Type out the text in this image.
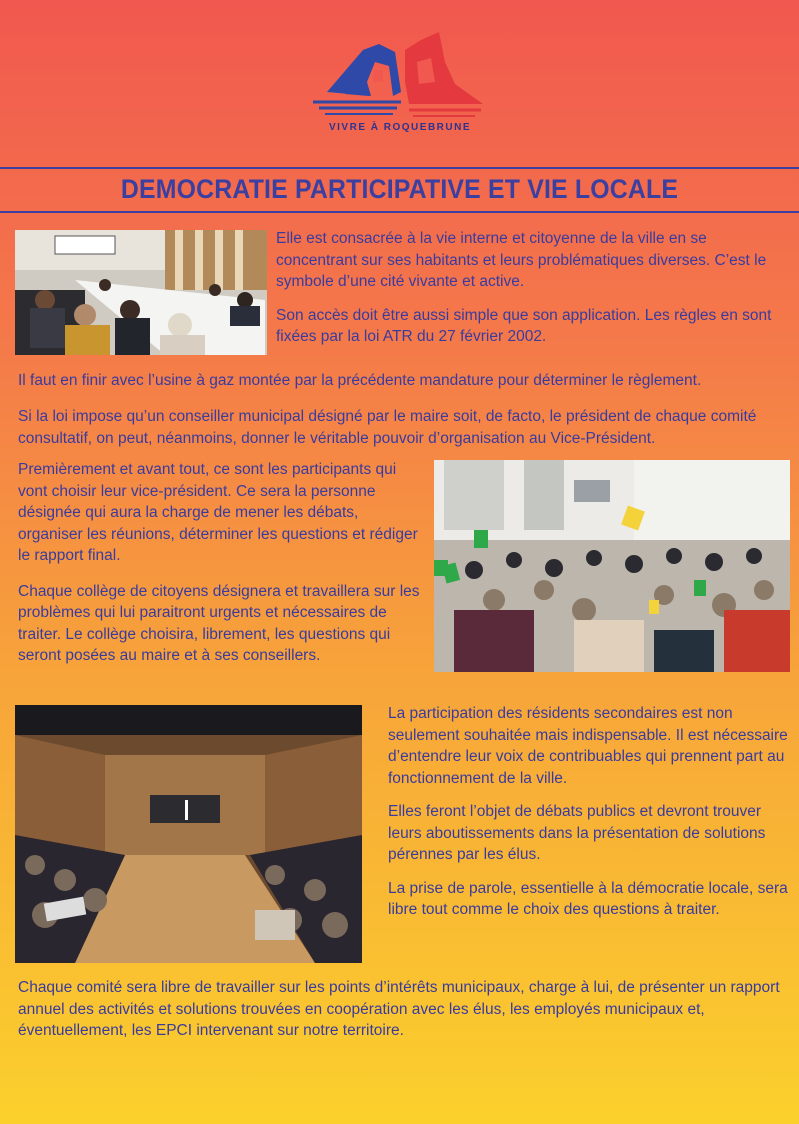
VIVRE À ROQUEBRUNE
DEMOCRATIE PARTICIPATIVE ET VIE LOCALE

Elle est consacrée à la vie interne et citoyenne de la ville en se concentrant sur ses habitants et leurs problématiques diverses. C’est le symbole d’une cité vivante et active.

Son accès doit être aussi simple que son application. Les règles en sont fixées par la loi ATR du 27 février 2002.

Il faut en finir avec l’usine à gaz montée par la précédente mandature pour déterminer le règlement.

Si la loi impose qu’un conseiller municipal désigné par le maire soit, de facto, le président de chaque comité consultatif, on peut, néanmoins, donner le véritable pouvoir d’organisation au Vice-Président.

Premièrement et avant tout, ce sont les participants qui vont choisir leur vice-président. Ce sera la personne désignée qui aura la charge de mener les débats, organiser les réunions, déterminer les questions et rédiger le rapport final.

Chaque collège de citoyens désignera et travaillera sur les problèmes qui lui paraitront urgents et nécessaires de traiter. Le collège choisira, librement, les questions qui seront posées au maire et à ses conseillers.

La participation des résidents secondaires est non seulement souhaitée mais indispensable. Il est nécessaire d’entendre leur voix de contribuables qui prennent part au fonctionnement de la ville.

Elles feront l’objet de débats publics et devront trouver leurs aboutissements dans la présentation de solutions pérennes par les élus.

La prise de parole, essentielle à la démocratie locale, sera libre tout comme le choix des questions à traiter.

Chaque comité sera libre de travailler sur les points d’intérêts municipaux, charge à lui, de présenter un rapport annuel des activités et solutions trouvées en coopération avec les élus, les employés municipaux et, éventuellement, les EPCI intervenant sur notre territoire.
